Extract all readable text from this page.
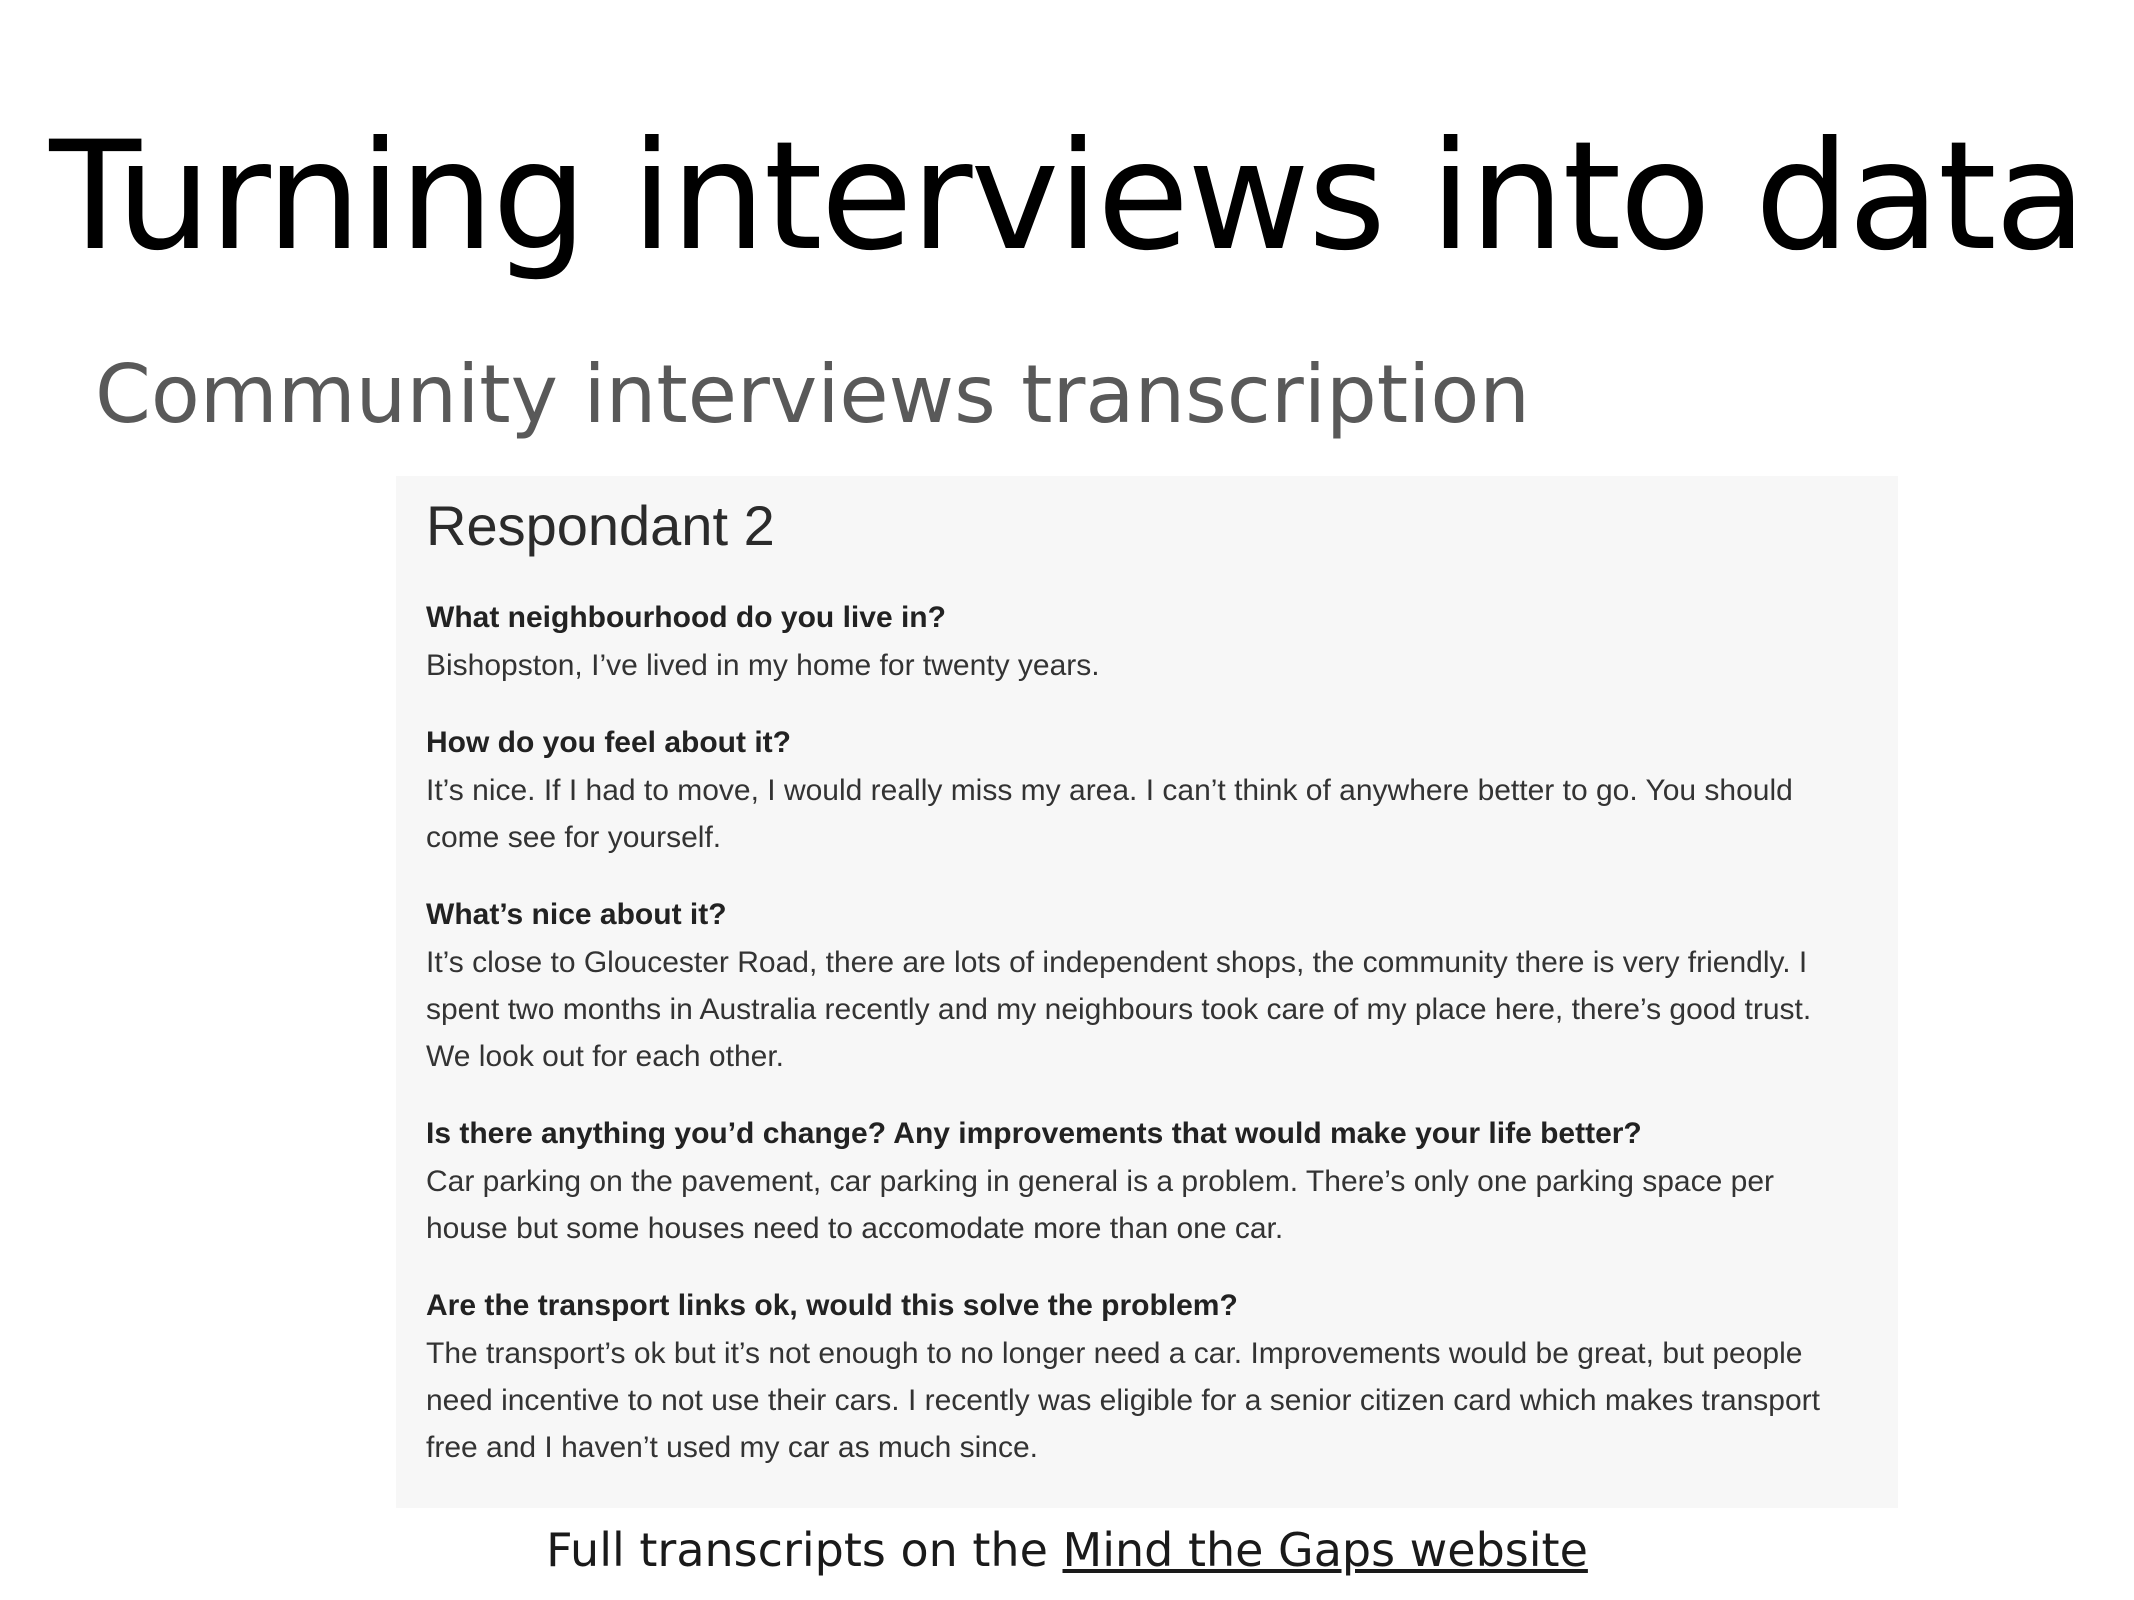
Turning interviews into data
Community interviews transcription
Respondant 2
What neighbourhood do you live in?
Bishopston, I’ve lived in my home for twenty years.
How do you feel about it?
It’s nice. If I had to move, I would really miss my area. I can’t think of anywhere better to go. You should come see for yourself.
What’s nice about it?
It’s close to Gloucester Road, there are lots of independent shops, the community there is very friendly. I spent two months in Australia recently and my neighbours took care of my place here, there’s good trust. We look out for each other.
Is there anything you’d change? Any improvements that would make your life better?
Car parking on the pavement, car parking in general is a problem. There’s only one parking space per house but some houses need to accomodate more than one car.
Are the transport links ok, would this solve the problem?
The transport’s ok but it’s not enough to no longer need a car. Improvements would be great, but people need incentive to not use their cars. I recently was eligible for a senior citizen card which makes transport free and I haven’t used my car as much since.
Full transcripts on the Mind the Gaps website
